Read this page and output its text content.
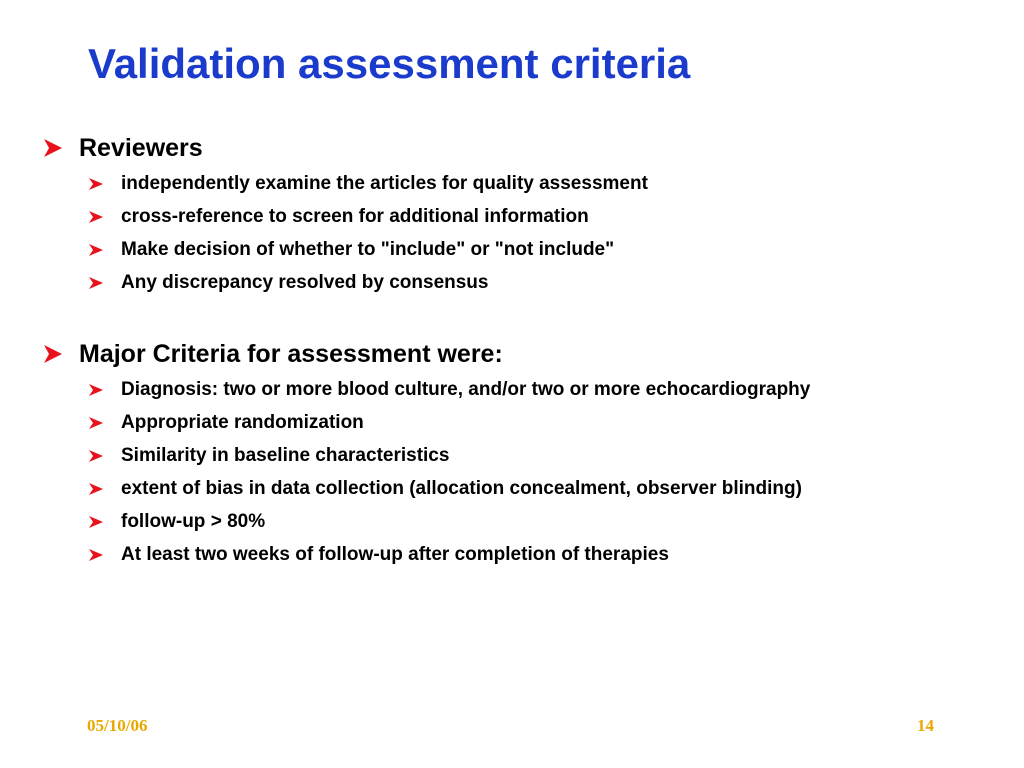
Validation assessment criteria
Reviewers
independently examine the articles for quality assessment
cross-reference to screen for additional information
Make decision of whether to "include" or "not include"
Any discrepancy resolved by consensus
Major Criteria for assessment were:
Diagnosis: two or more blood culture, and/or two or more echocardiography
Appropriate randomization
Similarity in baseline characteristics
extent of bias in data collection (allocation concealment, observer blinding)
follow-up > 80%
At least two weeks of follow-up after completion of therapies
05/10/06	14
